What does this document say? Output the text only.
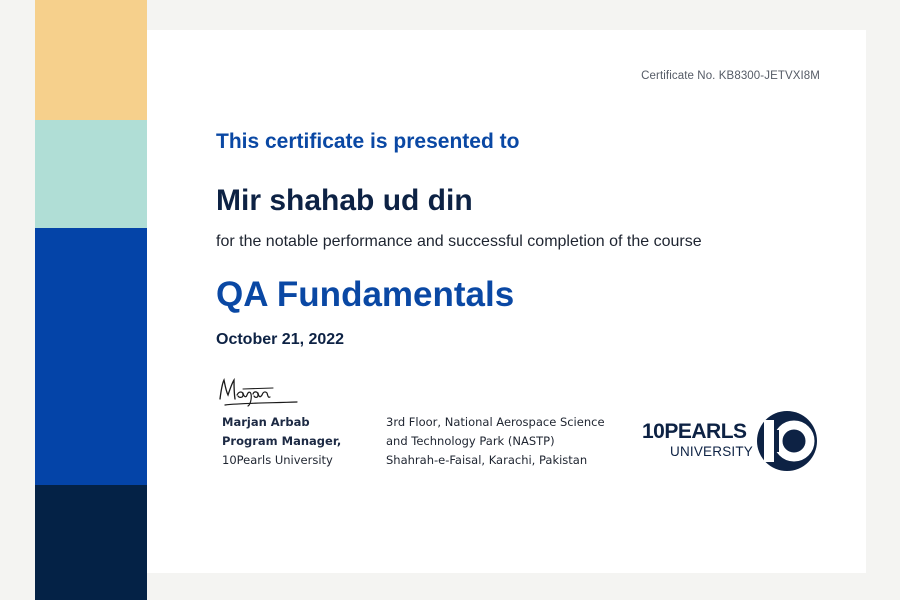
Certificate No. KB8300-JETVXI8M
This certificate is presented to
Mir shahab ud din
for the notable performance and successful completion of the course
QA Fundamentals
October 21, 2022
Marjan Arbab
Program Manager,
10Pearls University
3rd Floor, National Aerospace Science
and Technology Park (NASTP)
Shahrah-e-Faisal, Karachi, Pakistan
10PEARLS
UNIVERSITY
